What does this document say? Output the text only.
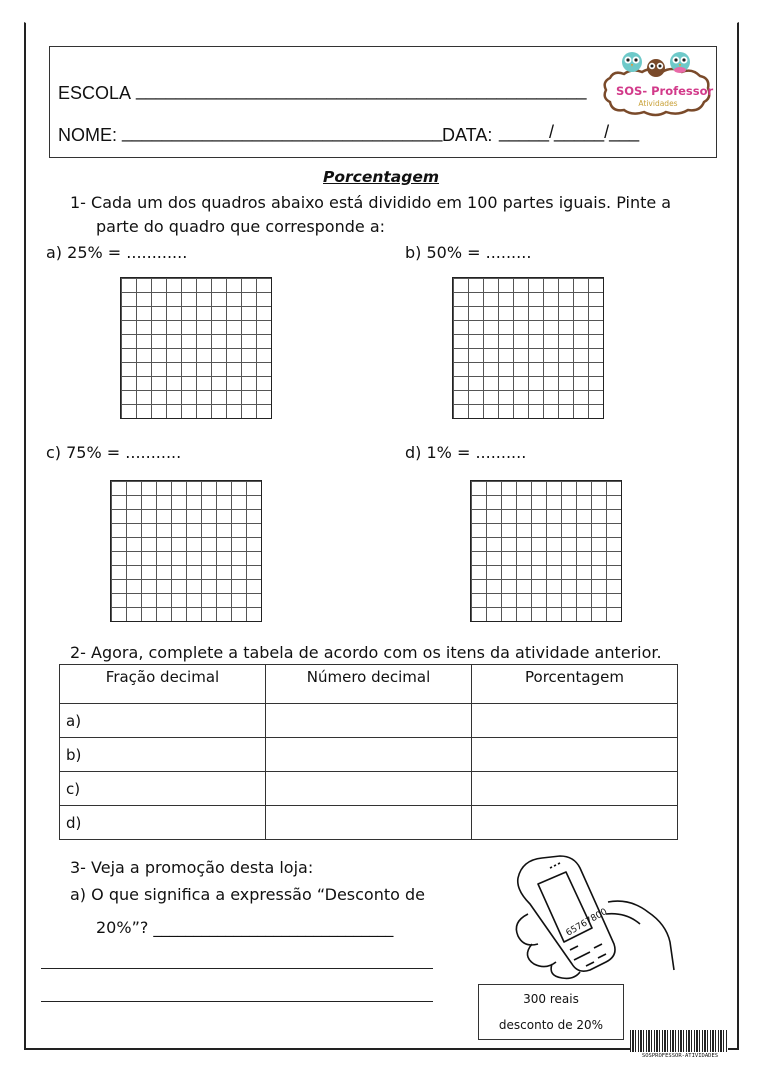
ESCOLA _____________________________________________
NOME: ________________________________ DATA: _____/_____/___
SOS- Professor
Atividades
Porcentagem
1- Cada um dos quadros abaixo está dividido em 100 partes iguais. Pinte a
parte do quadro que corresponde a:
a) 25% = ............	b) 50% = .........
c) 75% = ...........	d) 1% = ..........
2- Agora, complete a tabela de acordo com os itens da atividade anterior.
Fração decimal	Número decimal	Porcentagem
a)		
b)		
c)		
d)		
3- Veja a promoção desta loja:
a) O que significa a expressão “Desconto de
20%”? ______________________________	65767800
300 reais
desconto de 20%
SOSPROFESSOR-ATIVIDADES
